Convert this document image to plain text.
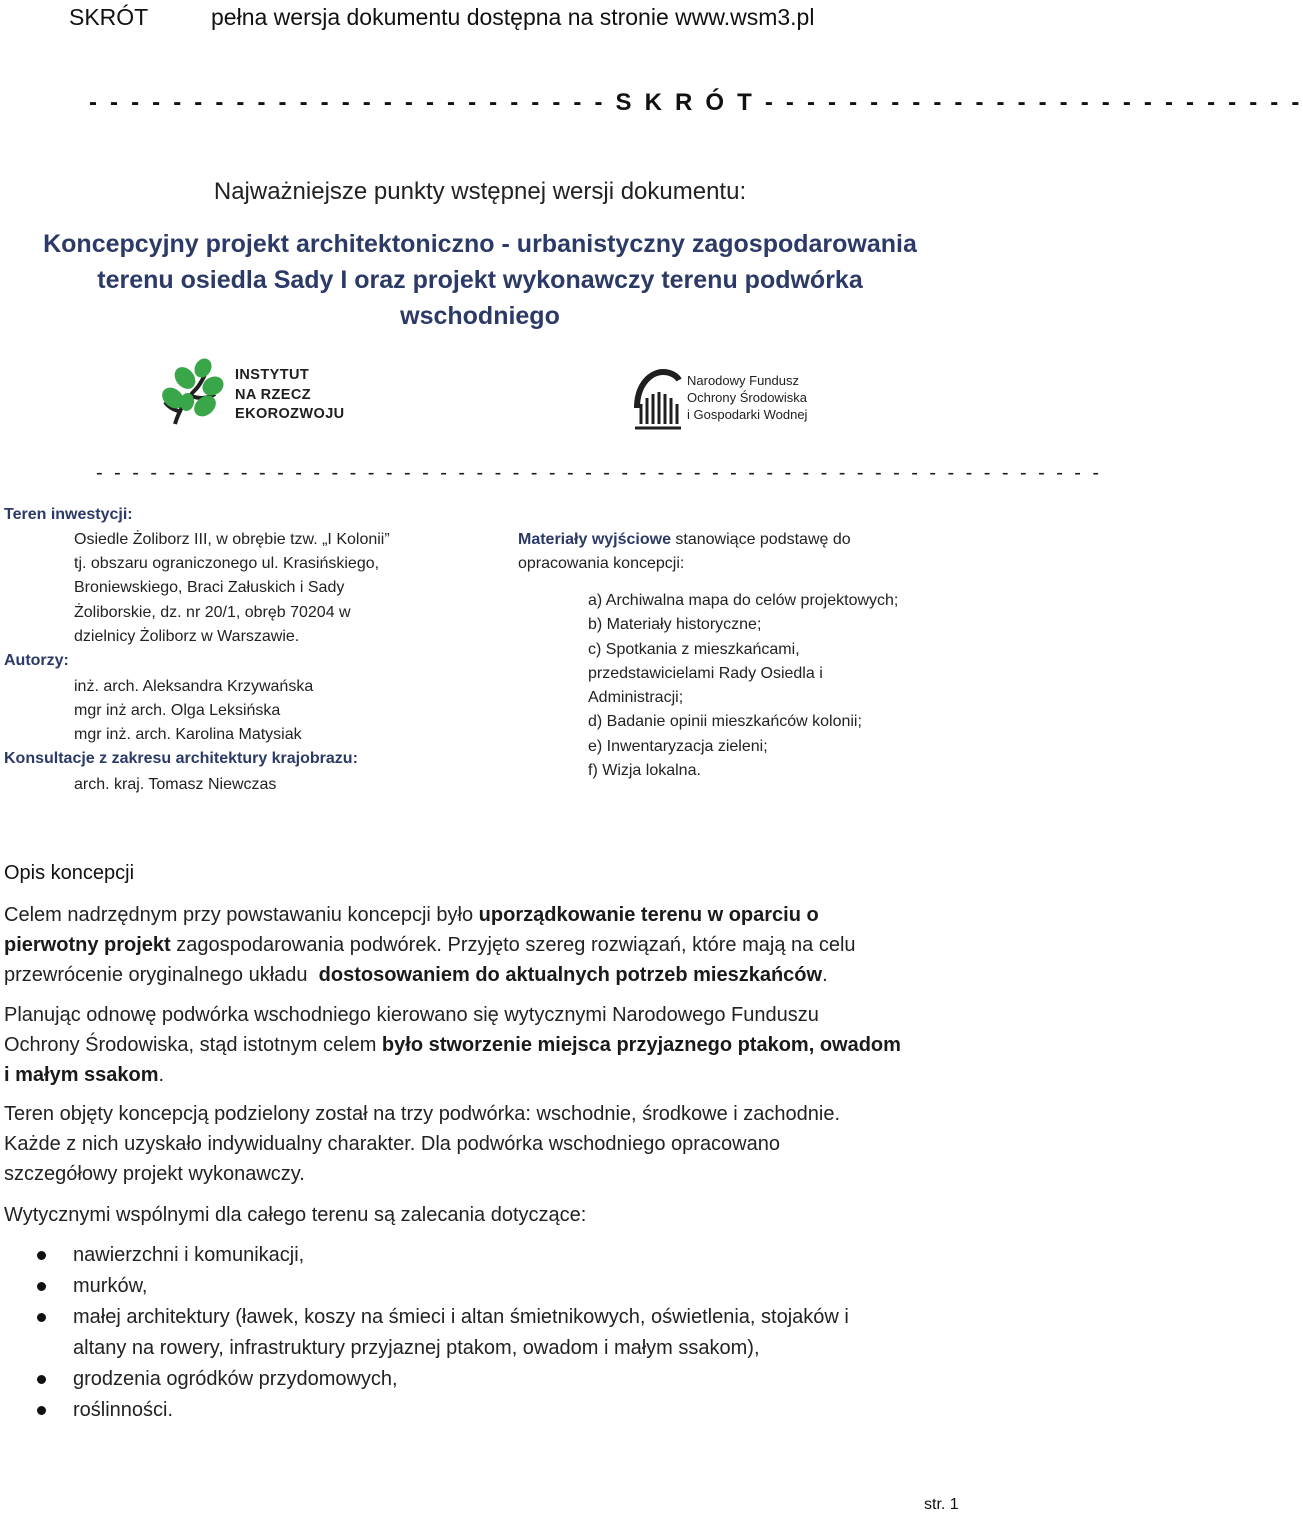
SKRÓT	pełna wersja dokumentu dostępna na stronie www.wsm3.pl
- - - - - - - - - - - - - - - - - - - - - - - - - S K R Ó T - - - - - - - - - - - - - - - - - - - - - - - - - -
Najważniejsze punkty wstępnej wersji dokumentu:
Koncepcyjny projekt architektoniczno - urbanistyczny zagospodarowania
terenu osiedla Sady I oraz projekt wykonawczy terenu podwórka
wschodniego
INSTYTUT
NA RZECZ
EKOROZWOJU
Narodowy Fundusz
Ochrony Środowiska
i Gospodarki Wodnej
- - - - - - - - - - - - - - - - - - - - - - - - - - - - - - - - - - - - - - - - - - - - - - - - - - - - - - - -
Teren inwestycji:
Osiedle Żoliborz III, w obrębie tzw. „I Kolonii”
tj. obszaru ograniczonego ul. Krasińskiego,
Broniewskiego, Braci Załuskich i Sady
Żoliborskie, dz. nr 20/1, obręb 70204 w
dzielnicy Żoliborz w Warszawie.
Autorzy:
inż. arch. Aleksandra Krzywańska
mgr inż arch. Olga Leksińska
mgr inż. arch. Karolina Matysiak
Konsultacje z zakresu architektury krajobrazu:
arch. kraj. Tomasz Niewczas
Materiały wyjściowe stanowiące podstawę do
opracowania koncepcji:
a) Archiwalna mapa do celów projektowych;
b) Materiały historyczne;
c) Spotkania z mieszkańcami,
przedstawicielami Rady Osiedla i
Administracji;
d) Badanie opinii mieszkańców kolonii;
e) Inwentaryzacja zieleni;
f) Wizja lokalna.
Opis koncepcji
Celem nadrzędnym przy powstawaniu koncepcji było uporządkowanie terenu w oparciu o
pierwotny projekt zagospodarowania podwórek. Przyjęto szereg rozwiązań, które mają na celu
przewrócenie oryginalnego układu  dostosowaniem do aktualnych potrzeb mieszkańców.
Planując odnowę podwórka wschodniego kierowano się wytycznymi Narodowego Funduszu
Ochrony Środowiska, stąd istotnym celem było stworzenie miejsca przyjaznego ptakom, owadom
i małym ssakom.
Teren objęty koncepcją podzielony został na trzy podwórka: wschodnie, środkowe i zachodnie.
Każde z nich uzyskało indywidualny charakter. Dla podwórka wschodniego opracowano
szczegółowy projekt wykonawczy.
Wytycznymi wspólnymi dla całego terenu są zalecania dotyczące:
nawierzchni i komunikacji,
murków,
małej architektury (ławek, koszy na śmieci i altan śmietnikowych, oświetlenia, stojaków i
altany na rowery, infrastruktury przyjaznej ptakom, owadom i małym ssakom),
grodzenia ogródków przydomowych,
roślinności.
str. 1
